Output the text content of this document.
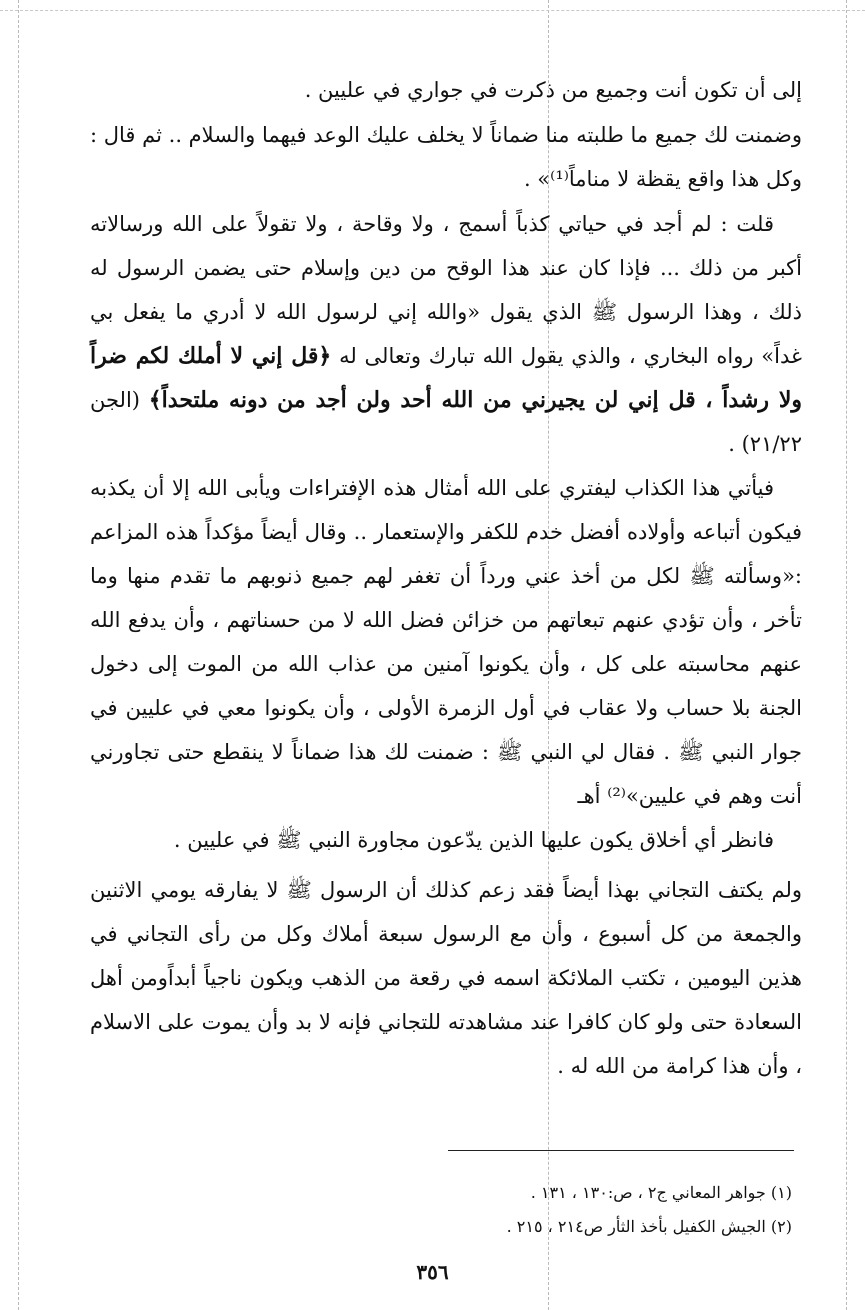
إلى أن تكون أنت وجميع من ذكرت في جواري في عليين .

وضمنت لك جميع ما طلبته منا ضماناً لا يخلف عليك الوعد فيهما والسلام .. ثم قال : وكل هذا واقع يقظة لا مناماً⁽¹⁾» .

قلت : لم أجد في حياتي كذباً أسمج ، ولا وقاحة ، ولا تقولاً على الله ورسالاته أكبر من ذلك ... فإذا كان عند هذا الوقح من دين وإسلام حتى يضمن الرسول له ذلك ، وهذا الرسول ﷺ الذي يقول «والله إني لرسول الله لا أدري ما يفعل بي غداً» رواه البخاري ، والذي يقول الله تبارك وتعالى له ﴿قل إني لا أملك لكم ضراً ولا رشداً ، قل إني لن يجيرني من الله أحد ولن أجد من دونه ملتحداً﴾ (الجن ٢١/٢٢) .

فيأتي هذا الكذاب ليفتري على الله أمثال هذه الإفتراءات ويأبى الله إلا أن يكذبه فيكون أتباعه وأولاده أفضل خدم للكفر والإستعمار .. وقال أيضاً مؤكداً هذه المزاعم :«وسألته ﷺ لكل من أخذ عني ورداً أن تغفر لهم جميع ذنوبهم ما تقدم منها وما تأخر ، وأن تؤدي عنهم تبعاتهم من خزائن فضل الله لا من حسناتهم ، وأن يدفع الله عنهم محاسبته على كل ، وأن يكونوا آمنين من عذاب الله من الموت إلى دخول الجنة بلا حساب ولا عقاب في أول الزمرة الأولى ، وأن يكونوا معي في عليين في جوار النبي ﷺ . فقال لي النبي ﷺ : ضمنت لك هذا ضماناً لا ينقطع حتى تجاورني أنت وهم في عليين»⁽²⁾ أهـ

فانظر أي أخلاق يكون عليها الذين يدّعون مجاورة النبي ﷺ في عليين .

ولم يكتف التجاني بهذا أيضاً فقد زعم كذلك أن الرسول ﷺ لا يفارقه يومي الاثنين والجمعة من كل أسبوع ، وأن مع الرسول سبعة أملاك وكل من رأى التجاني في هذين اليومين ، تكتب الملائكة اسمه في رقعة من الذهب ويكون ناجياً أبداًومن أهل السعادة حتى ولو كان كافرا عند مشاهدته للتجاني فإنه لا بد وأن يموت على الاسلام ، وأن هذا كرامة من الله له .

(١) جواهر المعاني ج٢ ، ص:١٣٠ ، ١٣١ .

(٢) الجيش الكفيل بأخذ الثأر ص٢١٤ ، ٢١٥ .

٣٥٦
